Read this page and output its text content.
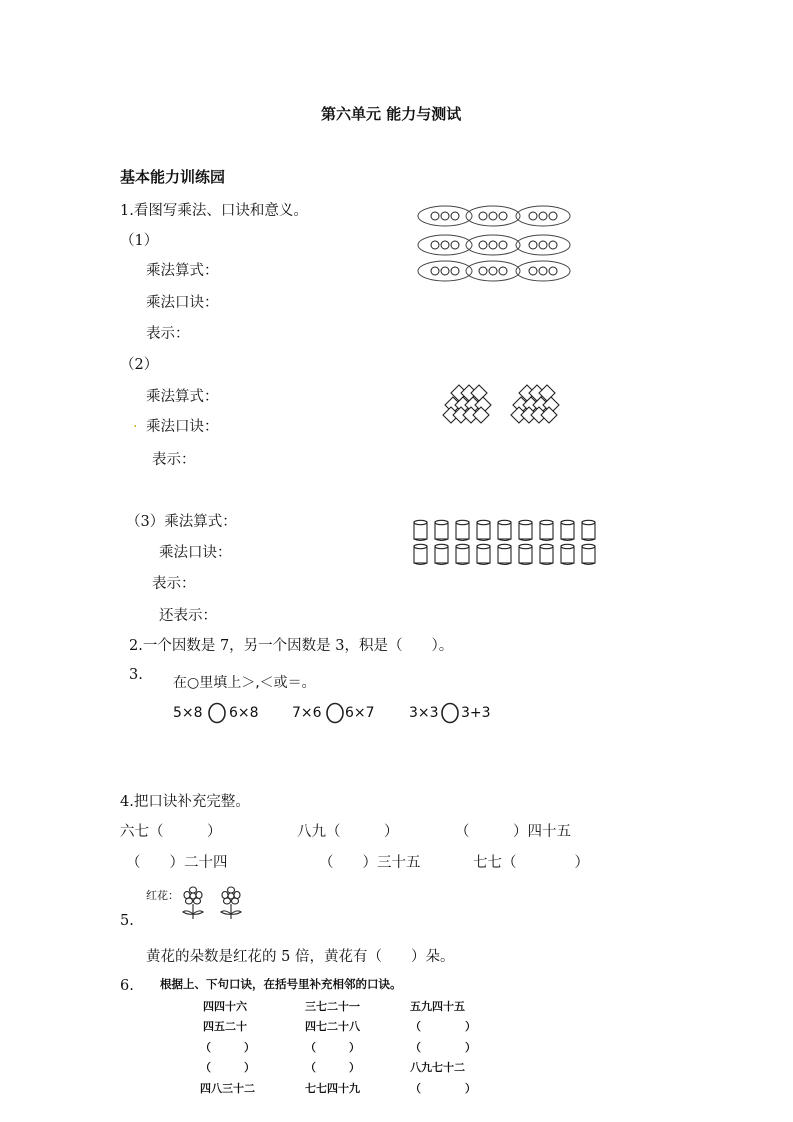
第六单元 能力与测试
基本能力训练园
1.看图写乘法、口诀和意义。
（1）
乘法算式：
乘法口诀：
表示：
（2）
乘法算式：
. 乘法口诀：
表示：
（3）乘法算式：
乘法口诀：
表示：
还表示：
2.一个因数是 7，另一个因数是 3，积是（　　）。
3. 在○里填上＞,＜或＝。
5×8 6×8 7×6 6×7 3×3 3+3
4.把口诀补充完整。
六七（　　　）	八九（　　　）	（　　　）四十五
（　　）二十四	（　　）三十五	七七（　　　　）
红花：
5.
黄花的朵数是红花的 5 倍，黄花有（　　）朵。
6. 根据上、下句口诀，在括号里补充相邻的口诀。
四四十六	三七二十一	五九四十五
四五二十	四七二十八	（　　　　）
（　　　）	（　　　）	（　　　　）
（　　　）	（　　　）	八九七十二
四八三十二	七七四十九	（　　　　）
